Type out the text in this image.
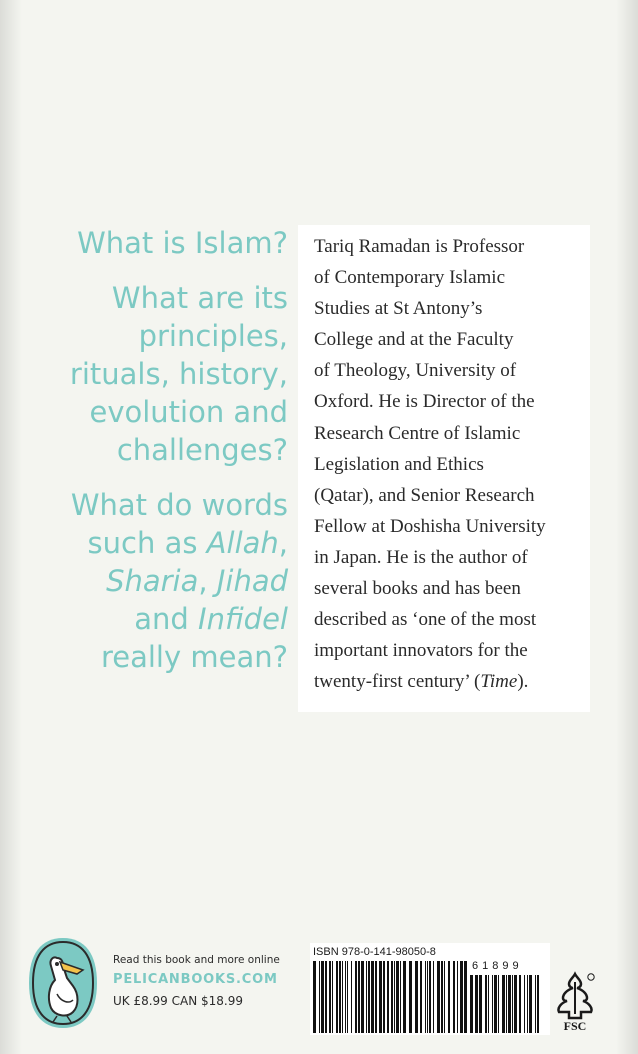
What is Islam?
What are its
principles,
rituals, history,
evolution and
challenges?
What do words
such as Allah,
Sharia, Jihad
and Infidel
really mean?
Tariq Ramadan is Professor
of Contemporary Islamic
Studies at St Antony’s
College and at the Faculty
of Theology, University of
Oxford. He is Director of the
Research Centre of Islamic
Legislation and Ethics
(Qatar), and Senior Research
Fellow at Doshisha University
in Japan. He is the author of
several books and has been
described as ‘one of the most
important innovators for the
twenty-first century’ (Time).
Read this book and more online
PELICANBOOKS.COM
UK £8.99 CAN $18.99
ISBN 978-0-141-98050-8
61899
FSC
